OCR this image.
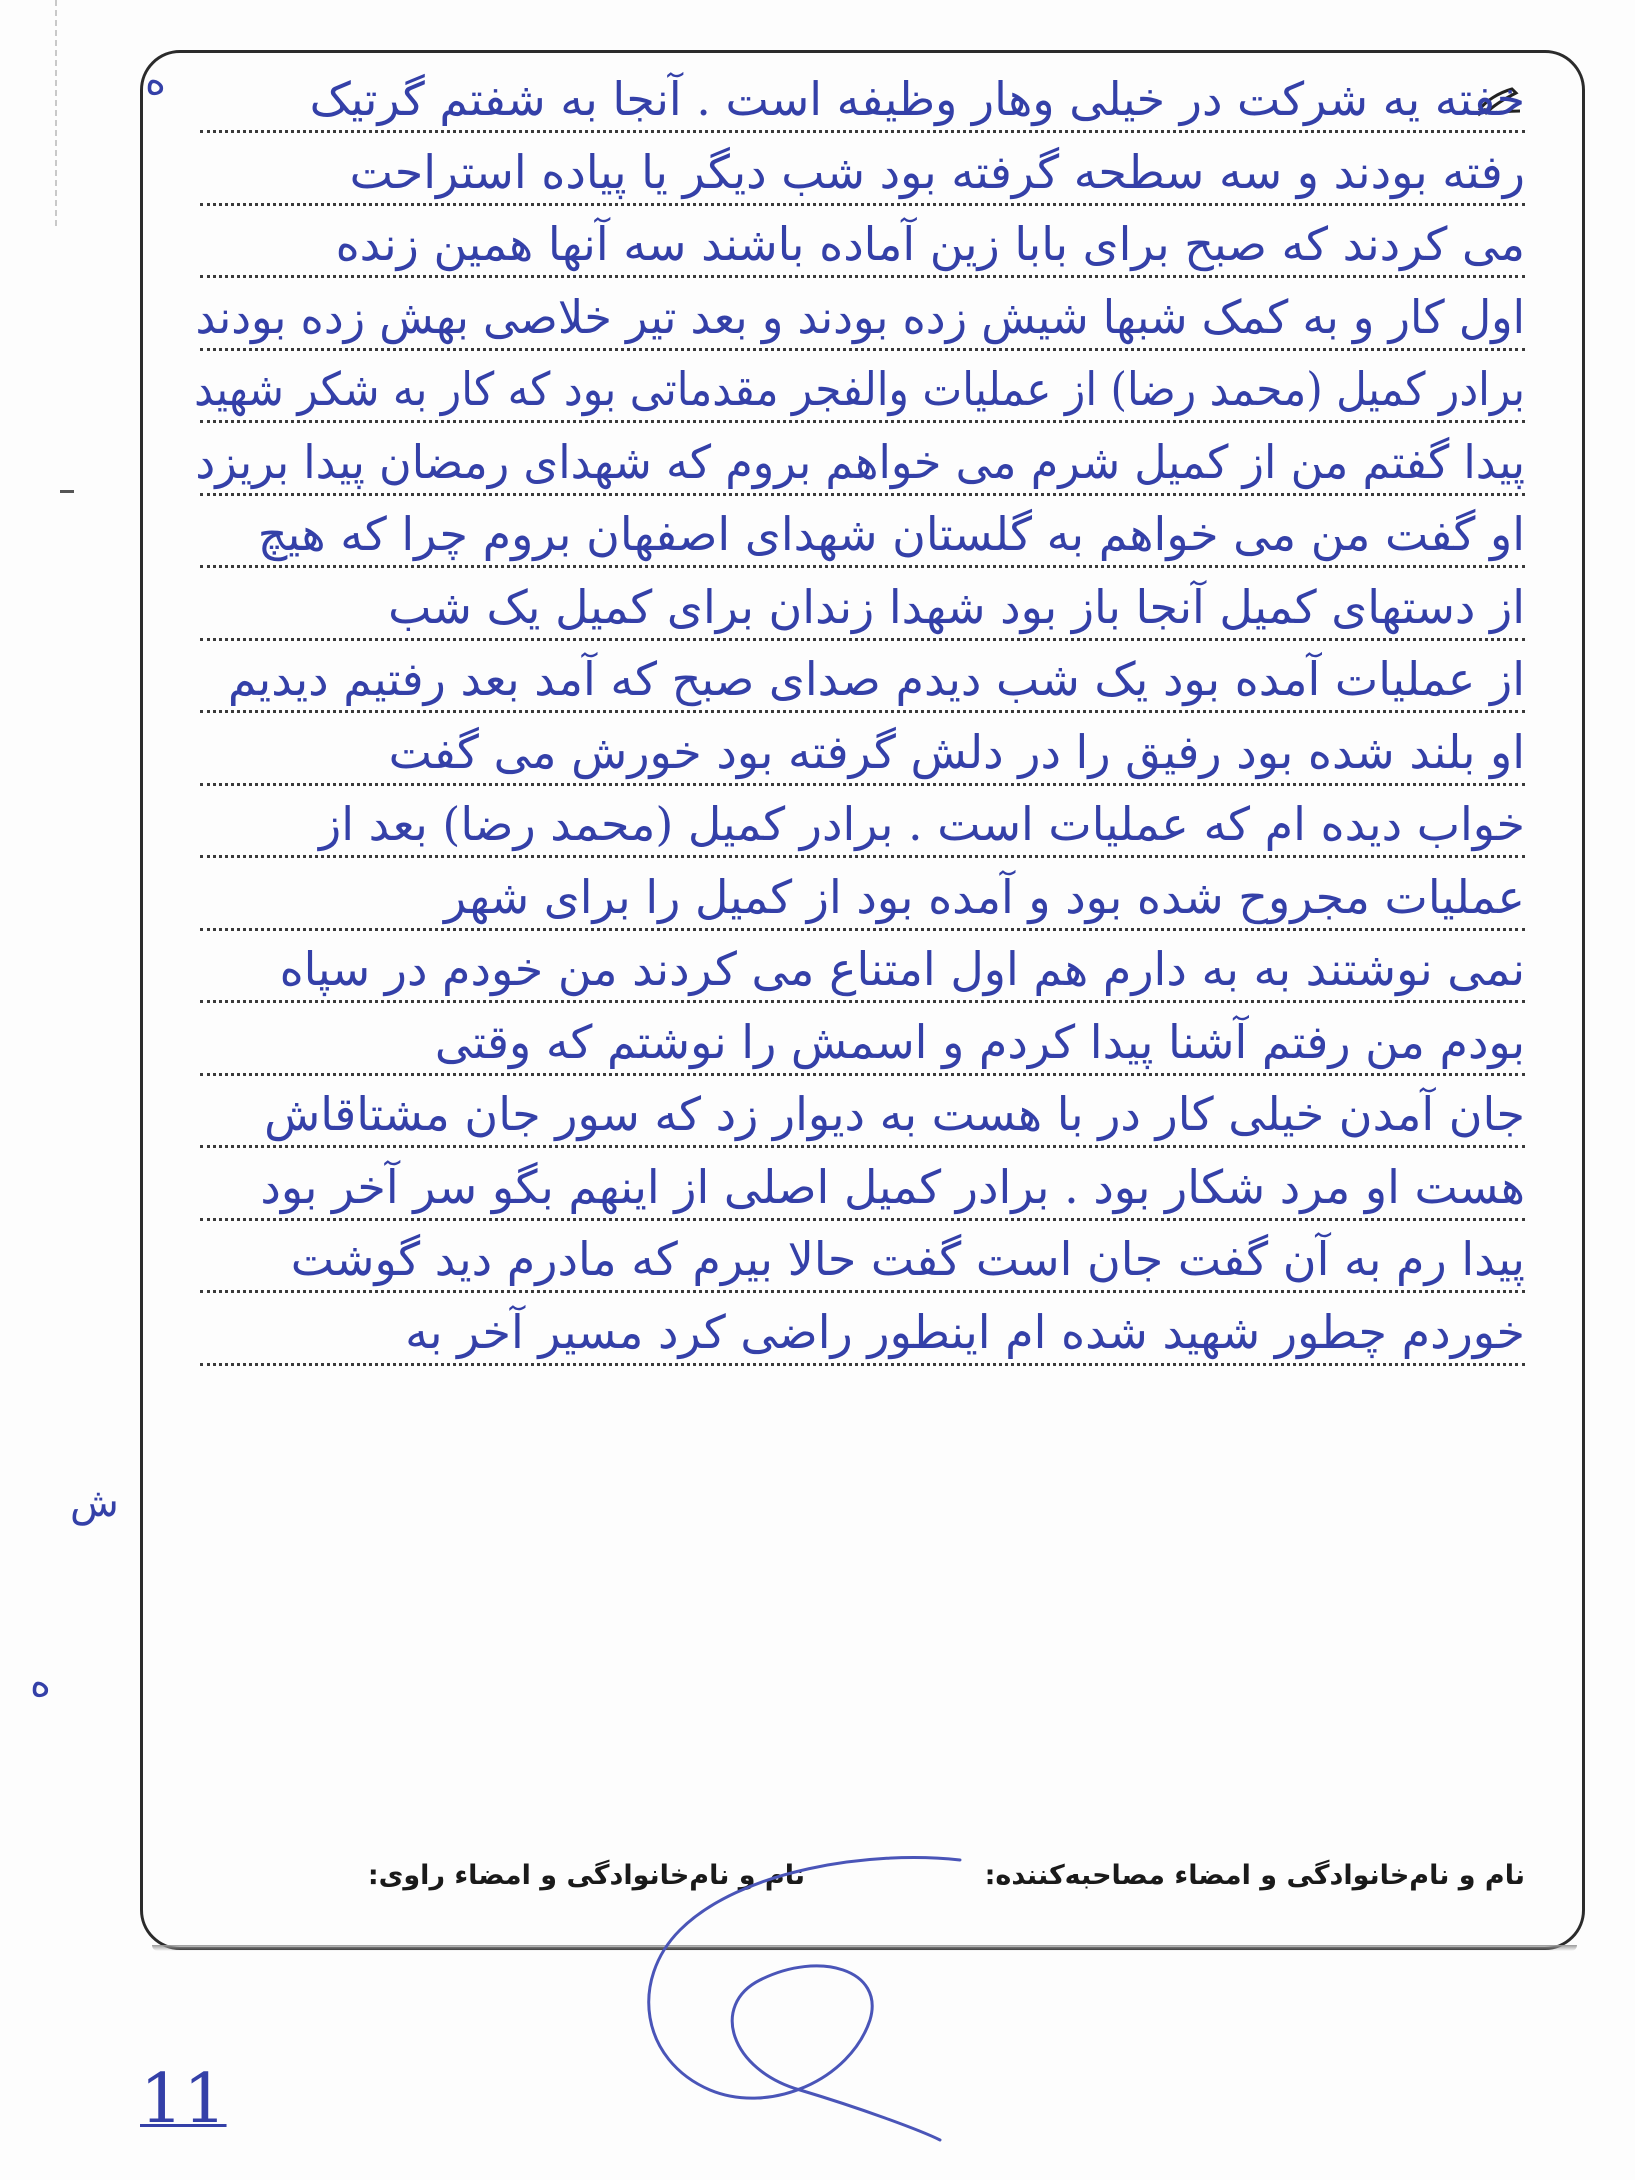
خفته یه شرکت در خیلی وهار وظیفه است . آنجا به شفتم گرتیک
رفته بودند و سه سطحه گرفته بود شب دیگر یا پیاده استراحت
می کردند که صبح برای بابا زین آماده باشند سه آنها همین زنده
اول کار و به کمک شبها شیش زده بودند و بعد تیر خلاصی بهش زده بودند
برادر کمیل (محمد رضا) از عملیات والفجر مقدماتی بود که کار به شکر شهید
پیدا گفتم من از کمیل شرم می خواهم بروم که شهدای رمضان پیدا بریزد
او گفت من می خواهم به گلستان شهدای اصفهان بروم چرا که هیچ
از دستهای کمیل آنجا باز بود شهدا زندان برای کمیل یک شب
از عملیات آمده بود یک شب دیدم صدای صبح که آمد بعد رفتیم دیدیم
او بلند شده بود رفیق را در دلش گرفته بود خورش می گفت
خواب دیده ام که عملیات است . برادر کمیل (محمد رضا) بعد از
عملیات مجروح شده بود و آمده بود از کمیل را برای شهر
نمی نوشتند به به دارم هم اول امتناع می کردند من خودم در سپاه
بودم من رفتم آشنا پیدا کردم و اسمش را نوشتم که وقتی
جان آمدن خیلی کار در با هست به دیوار زد که سور جان مشتاقاش
هست او مرد شکار بود . برادر کمیل اصلی از اینهم بگو سر آخر بود
پیدا رم به آن گفت جان است گفت حالا بیرم که مادرم دید گوشت
خوردم چطور شهید شده ام اینطور راضی کرد مسیر آخر به
ه
ش
ه
نام و نام‌خانوادگی و امضاء مصاحبه‌کننده:
نام و نام‌خانوادگی و امضاء راوی:
11
